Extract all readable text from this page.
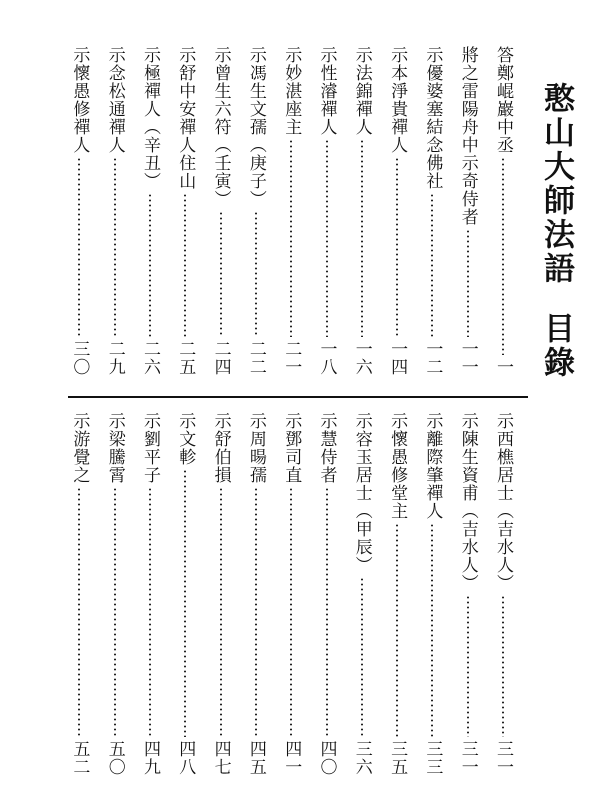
憨山大師法語目錄
答鄭崐巖中丞
一
將之雷陽舟中示奇侍者
一一
示優婆塞結念佛社
一二
示本淨貴禪人
一四
示法錦禪人
一六
示性濬禪人
一八
示妙湛座主
二一
示馮生文孺（庚子）
二二
示曾生六符（壬寅）
二四
示舒中安禪人住山
二五
示極禪人（辛丑）
二六
示念松通禪人
二九
示懷愚修禪人
三〇
示西樵居士（吉水人）
三一
示陳生資甫（吉水人）
三一
示離際肇禪人
三三
示懷愚修堂主
三五
示容玉居士（甲辰）
三六
示慧侍者
四〇
示鄧司直
四一
示周暘孺
四五
示舒伯損
四七
示文軫
四八
示劉平子
四九
示梁騰霄
五〇
示游覺之
五二
